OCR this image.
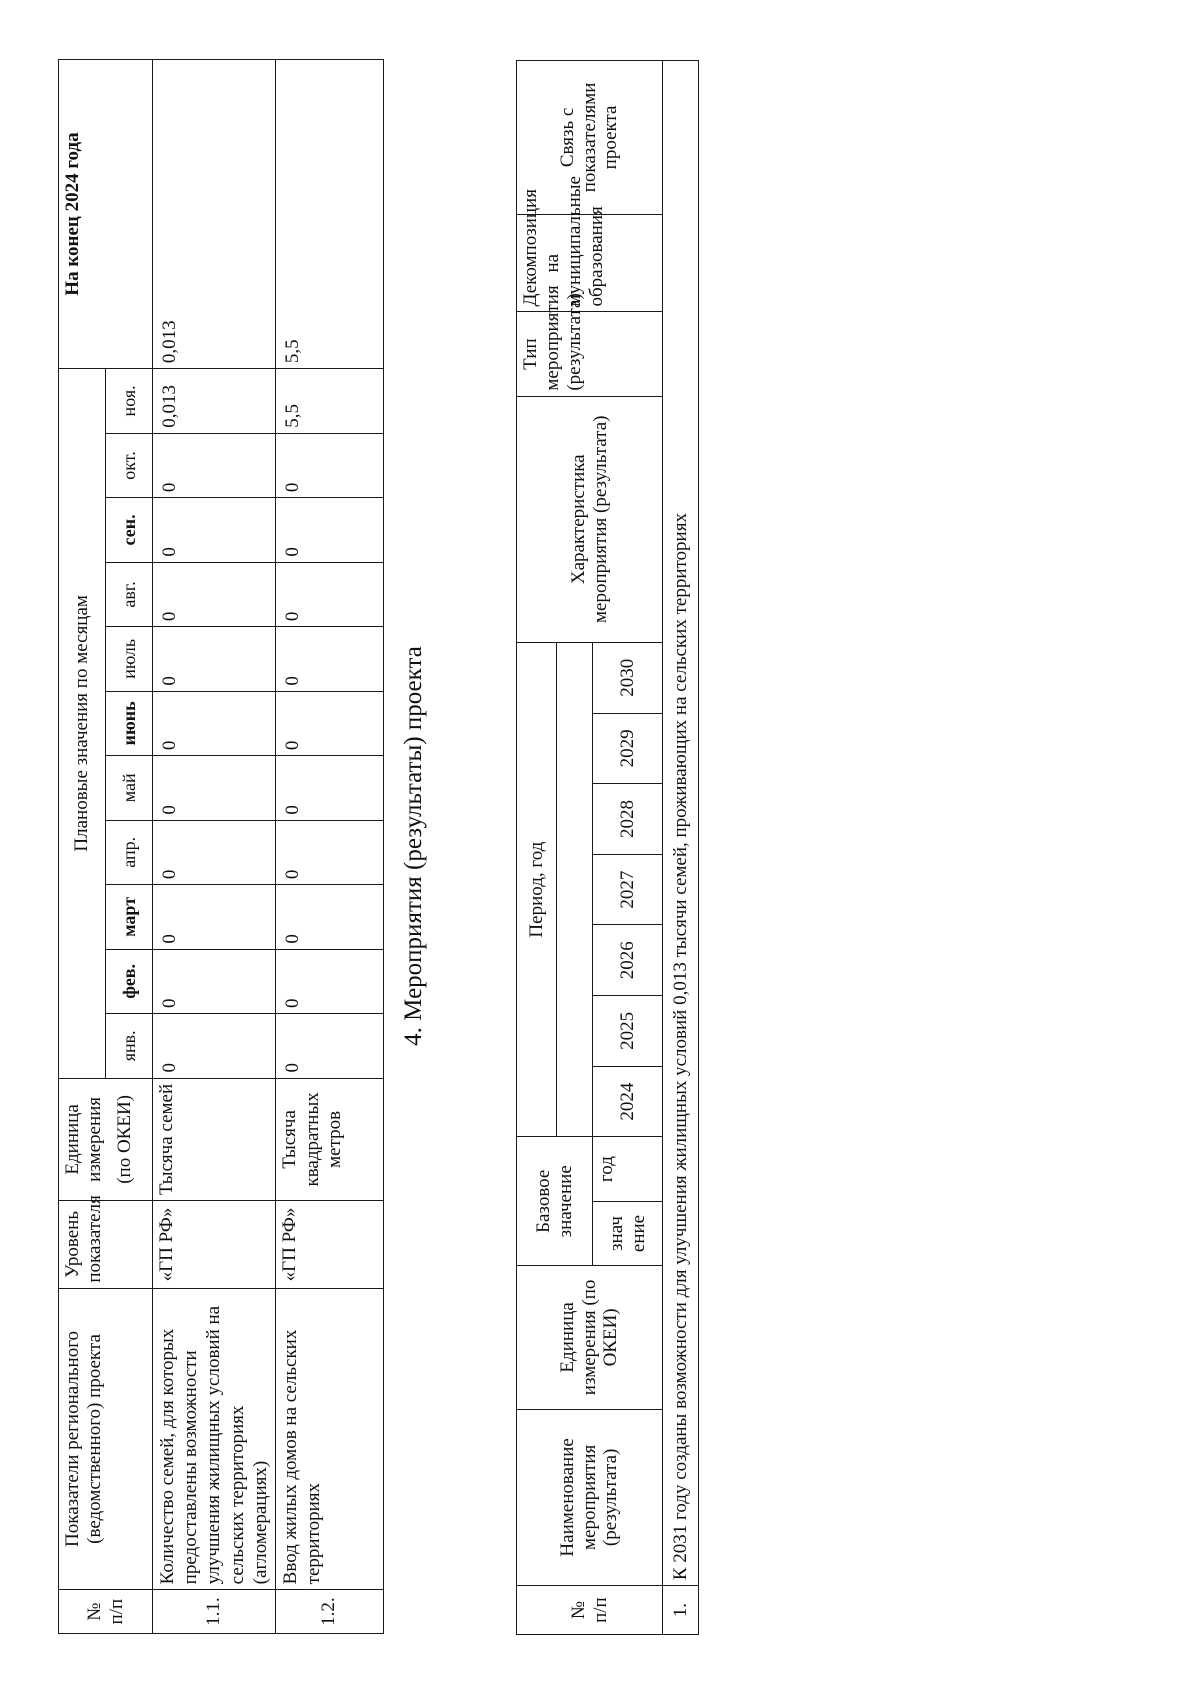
№ п/п	Показатели регионального (ведомственного) проекта	Уровень показателя	Единица измерения (по ОКЕИ)	Плановые значения по месяцам											На конец 2024 года
				янв.	фев.	март	апр.	май	июнь	июль	авг.	сен.	окт.	ноя.	
1.1.	Количество семей, для которых предоставлены возможности улучшения жилищных условий на сельских территориях (агломерациях)	«ГП РФ»	Тысяча семей	0	0	0	0	0	0	0	0	0	0	0,013	0,013
1.2.	Ввод жилых домов на сельских территориях	«ГП РФ»	Тысяча квадратных метров	0	0	0	0	0	0	0	0	0	0	5,5	5,5
4. Мероприятия (результаты) проекта
№ п/п	Наименование мероприятия (результата)	Единица измерения (по ОКЕИ)	Базовое значение		Период, год							Характеристика мероприятия (результата)	Тип мероприятия (результата)	Декомпозиция на муниципальные образования	Связь с показателями проекта

			знач ение	год	2024	2025	2026	2027	2028	2029	2030				
1.	К 2031 году созданы возможности для улучшения жилищных условий 0,013 тысячи семей, проживающих на сельских территориях														
